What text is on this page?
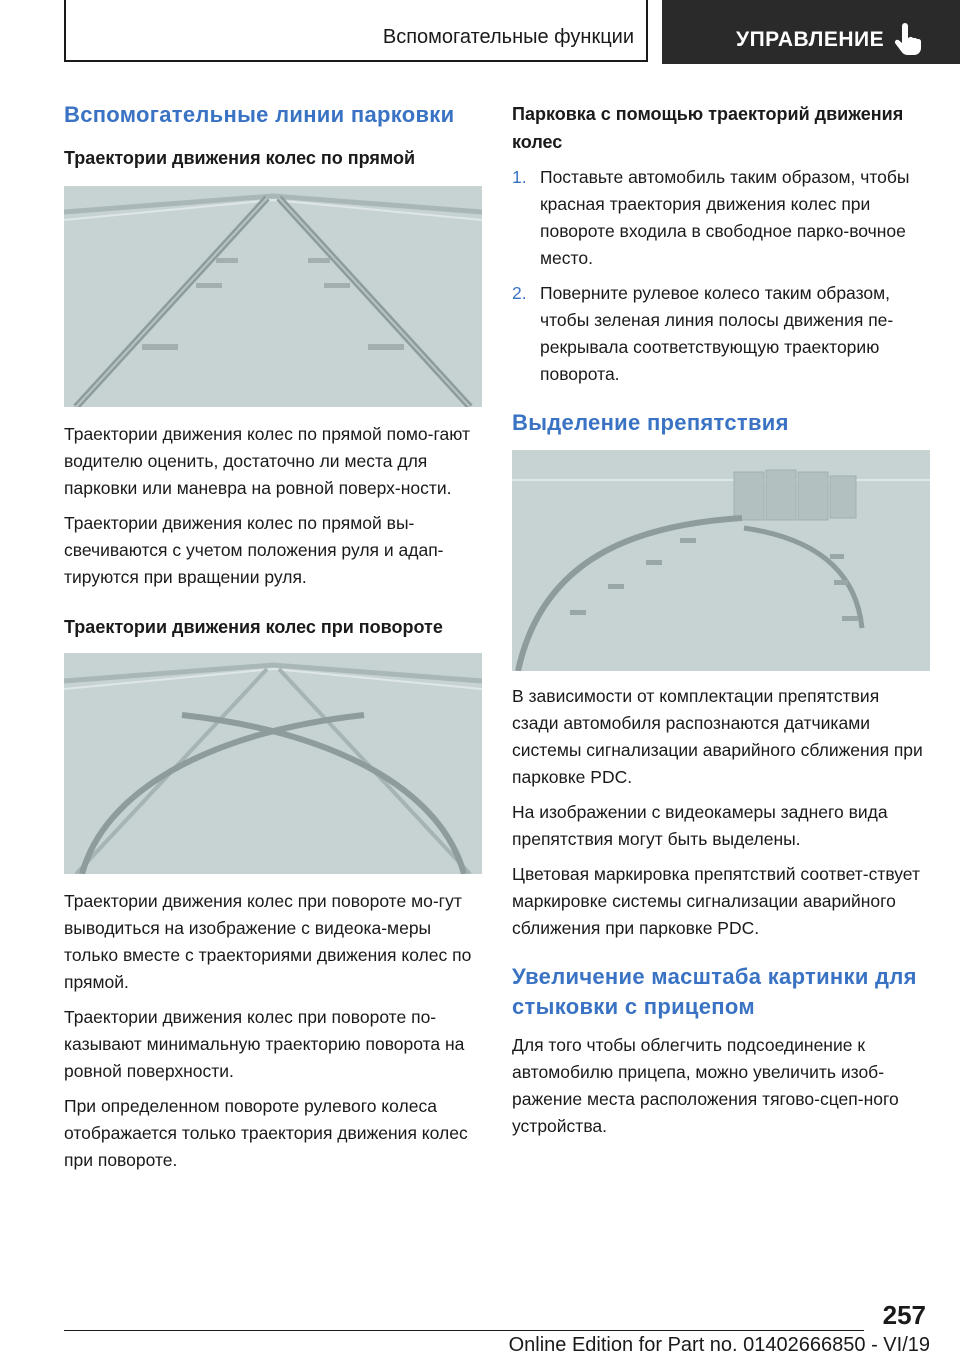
Вспомогательные функции	УПРАВЛЕНИЕ
Вспомогательные линии парковки
Траектории движения колес по прямой

Траектории движения колес по прямой помо-гают водителю оценить, достаточно ли места для парковки или маневра на ровной поверх-ности.

Траектории движения колес по прямой вы-свечиваются с учетом положения руля и адап-тируются при вращении руля.

Траектории движения колес при повороте

Траектории движения колес при повороте мо-гут выводиться на изображение с видеока-меры только вместе с траекториями движения колес по прямой.

Траектории движения колес при повороте по-казывают минимальную траекторию поворота на ровной поверхности.

При определенном повороте рулевого колеса отображается только траектория движения колес при повороте.

Парковка с помощью траекторий движения колес
1. Поставьте автомобиль таким образом, чтобы красная траектория движения колес при повороте входила в свободное парко-вочное место.
2. Поверните рулевое колесо таким образом, чтобы зеленая линия полосы движения пе-рекрывала соответствующую траекторию поворота.
Выделение препятствия

В зависимости от комплектации препятствия сзади автомобиля распознаются датчиками системы сигнализации аварийного сближения при парковке PDC.

На изображении с видеокамеры заднего вида препятствия могут быть выделены.

Цветовая маркировка препятствий соответ-ствует маркировке системы сигнализации аварийного сближения при парковке PDC.

Увеличение масштаба картинки для стыковки с прицепом

Для того чтобы облегчить подсоединение к автомобилю прицепа, можно увеличить изоб-ражение места расположения тягово-сцеп-ного устройства.

257
Online Edition for Part no. 01402666850 - VI/19
